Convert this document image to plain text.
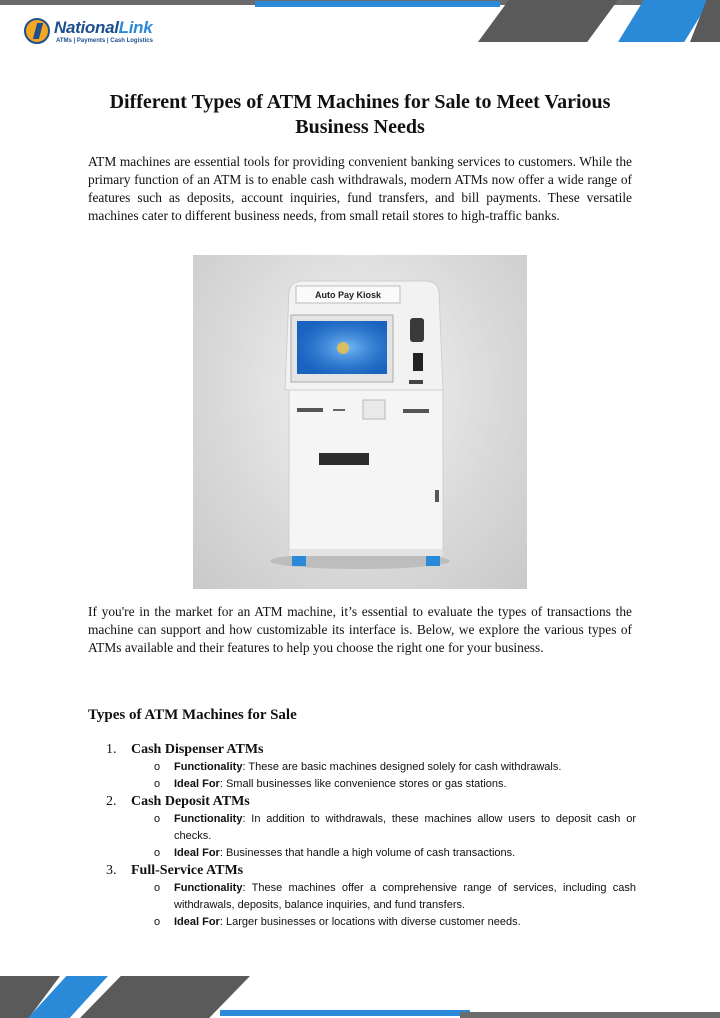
NationalLink
ATMs | Payments | Cash Logistics
Different Types of ATM Machines for Sale to Meet Various Business Needs

ATM machines are essential tools for providing convenient banking services to customers. While the primary function of an ATM is to enable cash withdrawals, modern ATMs now offer a wide range of features such as deposits, account inquiries, fund transfers, and bill payments. These versatile machines cater to different business needs, from small retail stores to high-traffic banks.

Auto Pay Kiosk

If you're in the market for an ATM machine, it’s essential to evaluate the types of transactions the machine can support and how customizable its interface is. Below, we explore the various types of ATMs available and their features to help you choose the right one for your business.

Types of ATM Machines for Sale
1. Cash Dispenser ATMs
o Functionality: These are basic machines designed solely for cash withdrawals.
o Ideal For: Small businesses like convenience stores or gas stations.
2. Cash Deposit ATMs
o Functionality: In addition to withdrawals, these machines allow users to deposit cash or checks.
o Ideal For: Businesses that handle a high volume of cash transactions.
3. Full-Service ATMs
o Functionality: These machines offer a comprehensive range of services, including cash withdrawals, deposits, balance inquiries, and fund transfers.
o Ideal For: Larger businesses or locations with diverse customer needs.
